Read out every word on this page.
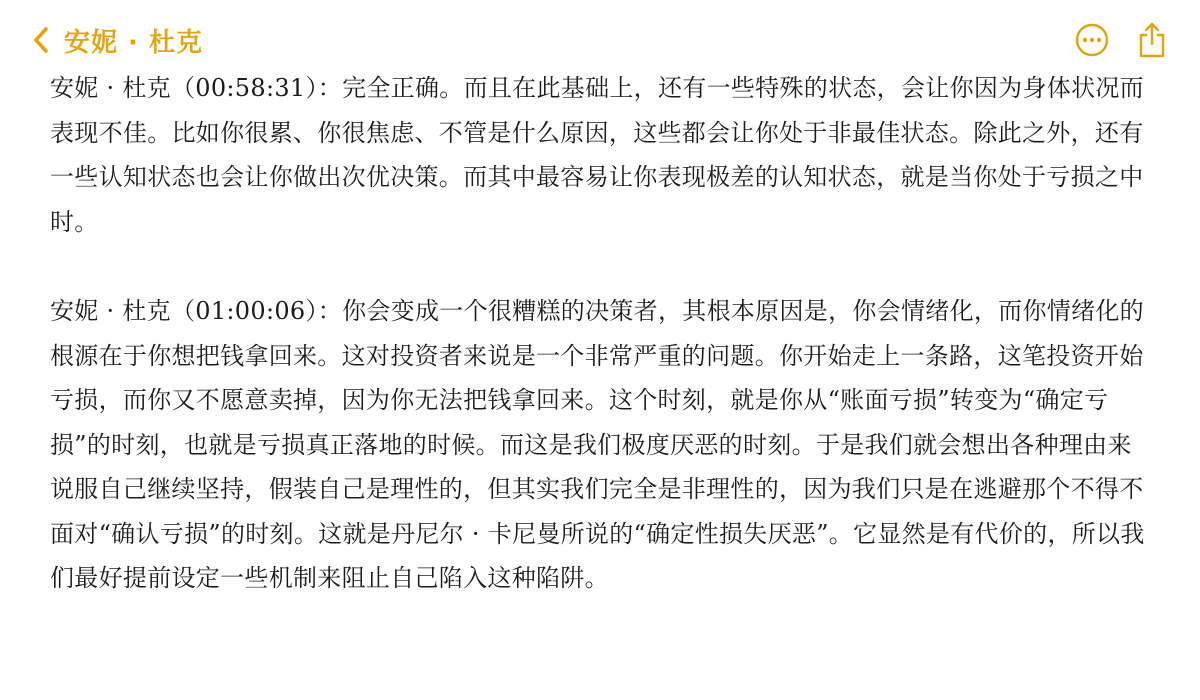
安妮 · 杜克

安妮 · 杜克（00:58:31）：完全正确。而且在此基础上，还有一些特殊的状态，会让你因为身体状况而表现不佳。比如你很累、你很焦虑、不管是什么原因，这些都会让你处于非最佳状态。除此之外，还有一些认知状态也会让你做出次优决策。而其中最容易让你表现极差的认知状态，就是当你处于亏损之中时。

安妮 · 杜克（01:00:06）：你会变成一个很糟糕的决策者，其根本原因是，你会情绪化，而你情绪化的根源在于你想把钱拿回来。这对投资者来说是一个非常严重的问题。你开始走上一条路，这笔投资开始亏损，而你又不愿意卖掉，因为你无法把钱拿回来。这个时刻，就是你从“账面亏损”转变为“确定亏损”的时刻，也就是亏损真正落地的时候。而这是我们极度厌恶的时刻。于是我们就会想出各种理由来说服自己继续坚持，假装自己是理性的，但其实我们完全是非理性的，因为我们只是在逃避那个不得不面对“确认亏损”的时刻。这就是丹尼尔 · 卡尼曼所说的“确定性损失厌恶”。它显然是有代价的，所以我们最好提前设定一些机制来阻止自己陷入这种陷阱。
